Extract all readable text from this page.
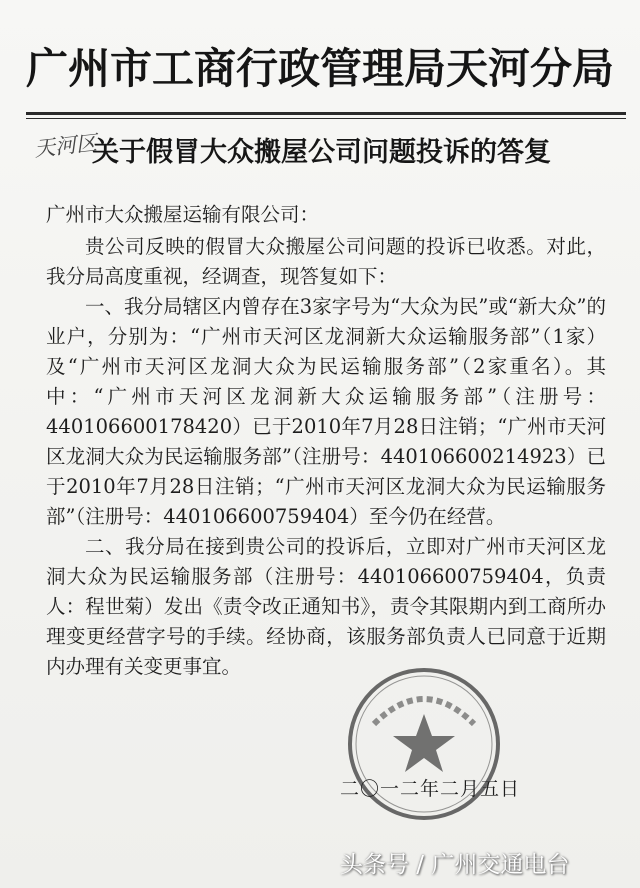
广州市工商行政管理局天河分局
天河区
关于假冒大众搬屋公司问题投诉的答复

广州市大众搬屋运输有限公司：

贵公司反映的假冒大众搬屋公司问题的投诉已收悉。对此，我分局高度重视，经调查，现答复如下：

一、我分局辖区内曾存在3家字号为“大众为民”或“新大众”的业户，分别为：“广州市天河区龙洞新大众运输服务部”（1家）及“广州市天河区龙洞大众为民运输服务部”（2家重名）。其中：“广州市天河区龙洞新大众运输服务部”（注册号：440106600178420）已于2010年7月28日注销；“广州市天河区龙洞大众为民运输服务部”（注册号：440106600214923）已于2010年7月28日注销；“广州市天河区龙洞大众为民运输服务部”（注册号：440106600759404）至今仍在经营。

二、我分局在接到贵公司的投诉后，立即对广州市天河区龙洞大众为民运输服务部（注册号：440106600759404，负责人：程世菊）发出《责令改正通知书》，责令其限期内到工商所办理变更经营字号的手续。经协商，该服务部负责人已同意于近期内办理有关变更事宜。

二〇一二年二月五日
头条号 / 广州交通电台
